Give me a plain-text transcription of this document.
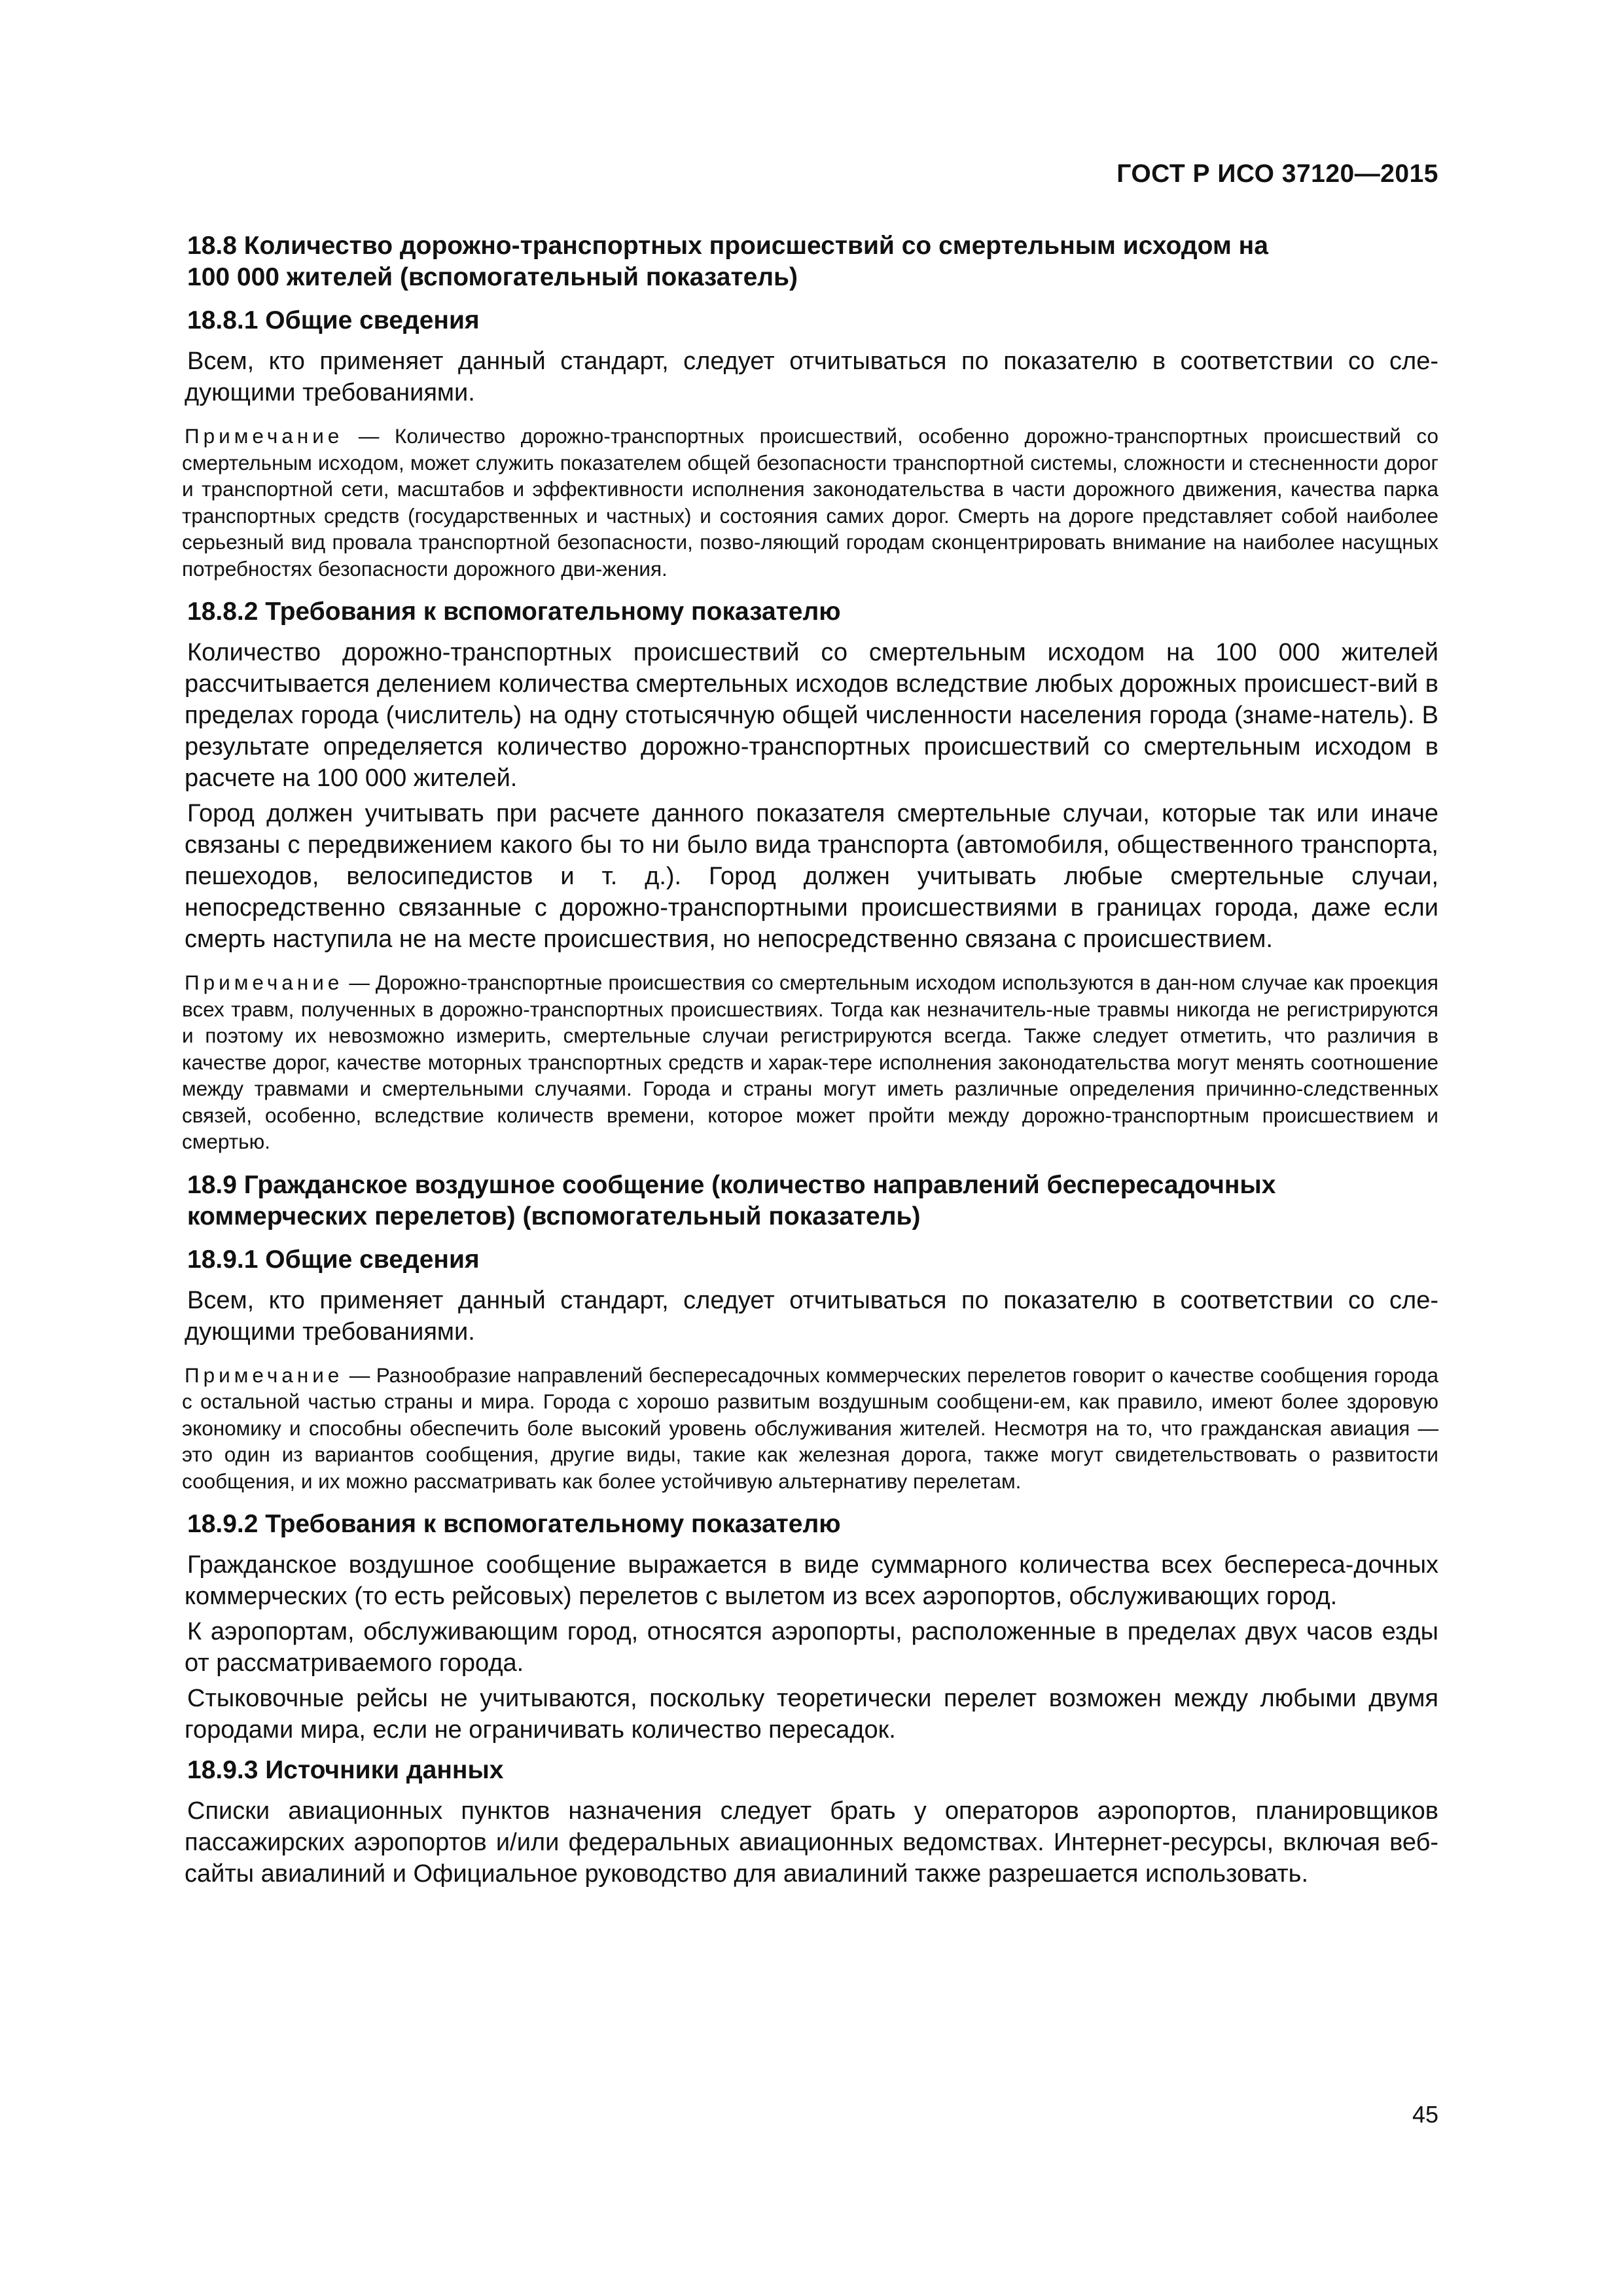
ГОСТ Р ИСО 37120—2015
18.8 Количество дорожно-транспортных происшествий со смертельным исходом на
100 000 жителей (вспомогательный показатель)
18.8.1 Общие сведения

Всем, кто применяет данный стандарт, следует отчитываться по показателю в соответствии со сле-дующими требованиями.

Примечание — Количество дорожно-транспортных происшествий, особенно дорожно-транспортных происшествий со смертельным исходом, может служить показателем общей безопасности транспортной системы, сложности и стесненности дорог и транспортной сети, масштабов и эффективности исполнения законодательства в части дорожного движения, качества парка транспортных средств (государственных и частных) и состояния самих дорог. Смерть на дороге представляет собой наиболее серьезный вид провала транспортной безопасности, позво-ляющий городам сконцентрировать внимание на наиболее насущных потребностях безопасности дорожного дви-жения.

18.8.2 Требования к вспомогательному показателю

Количество дорожно-транспортных происшествий со смертельным исходом на 100 000 жителей рассчитывается делением количества смертельных исходов вследствие любых дорожных происшест-вий в пределах города (числитель) на одну стотысячную общей численности населения города (знаме-натель). В результате определяется количество дорожно-транспортных происшествий со смертельным исходом в расчете на 100 000 жителей.

Город должен учитывать при расчете данного показателя смертельные случаи, которые так или иначе связаны с передвижением какого бы то ни было вида транспорта (автомобиля, общественного транспорта, пешеходов, велосипедистов и т. д.). Город должен учитывать любые смертельные случаи, непосредственно связанные с дорожно-транспортными происшествиями в границах города, даже если смерть наступила не на месте происшествия, но непосредственно связана с происшествием.

Примечание — Дорожно-транспортные происшествия со смертельным исходом используются в дан-ном случае как проекция всех травм, полученных в дорожно-транспортных происшествиях. Тогда как незначитель-ные травмы никогда не регистрируются и поэтому их невозможно измерить, смертельные случаи регистрируются всегда. Также следует отметить, что различия в качестве дорог, качестве моторных транспортных средств и харак-тере исполнения законодательства могут менять соотношение между травмами и смертельными случаями. Города и страны могут иметь различные определения причинно-следственных связей, особенно, вследствие количеств времени, которое может пройти между дорожно-транспортным происшествием и смертью.

18.9 Гражданское воздушное сообщение (количество направлений беспересадочных
коммерческих перелетов) (вспомогательный показатель)
18.9.1 Общие сведения

Всем, кто применяет данный стандарт, следует отчитываться по показателю в соответствии со сле-дующими требованиями.

Примечание — Разнообразие направлений беспересадочных коммерческих перелетов говорит о качестве сообщения города с остальной частью страны и мира. Города с хорошо развитым воздушным сообщени-ем, как правило, имеют более здоровую экономику и способны обеспечить боле высокий уровень обслуживания жителей. Несмотря на то, что гражданская авиация — это один из вариантов сообщения, другие виды, такие как железная дорога, также могут свидетельствовать о развитости сообщения, и их можно рассматривать как более устойчивую альтернативу перелетам.

18.9.2 Требования к вспомогательному показателю

Гражданское воздушное сообщение выражается в виде суммарного количества всех беспереса-дочных коммерческих (то есть рейсовых) перелетов с вылетом из всех аэропортов, обслуживающих город.

К аэропортам, обслуживающим город, относятся аэропорты, расположенные в пределах двух часов езды от рассматриваемого города.

Стыковочные рейсы не учитываются, поскольку теоретически перелет возможен между любыми двумя городами мира, если не ограничивать количество пересадок.

18.9.3 Источники данных

Списки авиационных пунктов назначения следует брать у операторов аэропортов, планировщиков пассажирских аэропортов и/или федеральных авиационных ведомствах. Интернет-ресурсы, включая веб-сайты авиалиний и Официальное руководство для авиалиний также разрешается использовать.

45
